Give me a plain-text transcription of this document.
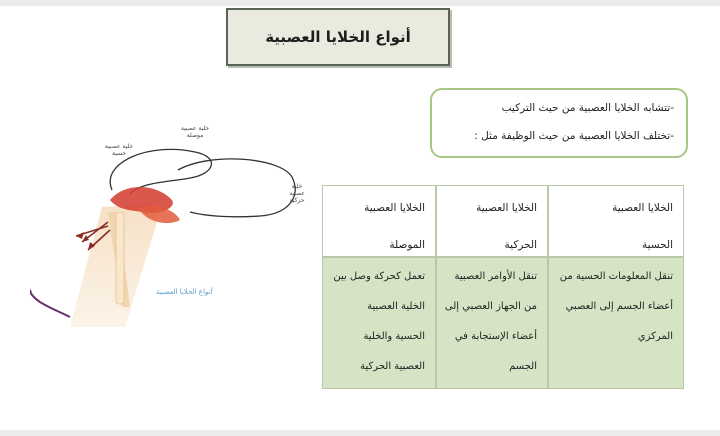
أنواع الخلايا العصبية
-تتشابه الخلايا العصبية من حيث التركيب
-تختلف الخلايا العصبية من حيث الوظيفة مثل :
الخلايا العصبية
الحسية
الخلايا العصبية
الحركية
الخلايا العصبية
الموصلة
تنقل المعلومات الحسية من
أعضاء الجسم إلى العصبي
المركزي
تنقل الأوامر العصبية
من الجهاز العصبي إلى
أعضاء الإستجابة في
الجسم
تعمل كحركة وصل بين
الخلية العصبية
الحسية والخلية
العصبية الحركية
خلية عصبية موصلة
خلية عصبية
حسية
خلية
عصبية
حركية
أنواع الخلايا العصبية
